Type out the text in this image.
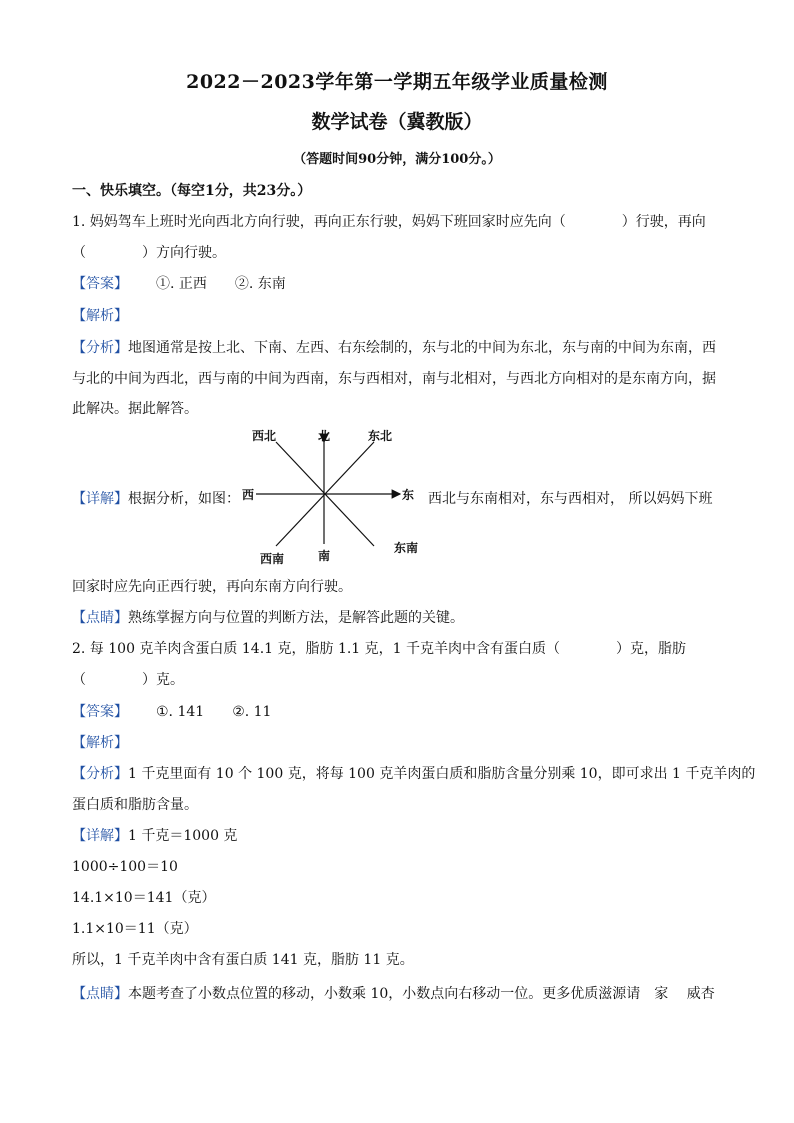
2022－2023学年第一学期五年级学业质量检测
数学试卷（冀教版）
（答题时间90分钟，满分100分。）
一、快乐填空。（每空1分，共23分。）
1. 妈妈驾车上班时光向西北方向行驶，再向正东行驶，妈妈下班回家时应先向（　　　　）行驶，再向
（　　　　）方向行驶。
【答案】 ①. 正西 ②. 东南
【解析】
【分析】地图通常是按上北、下南、左西、右东绘制的，东与北的中间为东北，东与南的中间为东南，西
与北的中间为西北，西与南的中间为西南，东与西相对，南与北相对，与西北方向相对的是东南方向，据
此解决。据此解答。
北
南
西	东
西北	东北
西南
东南
【详解】根据分析，如图：	西北与东南相对，东与西相对， 所以妈妈下班
回家时应先向正西行驶，再向东南方向行驶。
【点睛】熟练掌握方向与位置的判断方法，是解答此题的关键。
2. 每 100 克羊肉含蛋白质 14.1 克，脂肪 1.1 克，1 千克羊肉中含有蛋白质（　　　　）克，脂肪
（　　　　）克。
【答案】 ①. 141 ②. 11
【解析】
【分析】1 千克里面有 10 个 100 克，将每 100 克羊肉蛋白质和脂肪含量分别乘 10，即可求出 1 千克羊肉的
蛋白质和脂肪含量。
【详解】1 千克＝1000 克
1000÷100＝10
14.1×10＝141（克）
1.1×10＝11（克）
所以，1 千克羊肉中含有蛋白质 141 克，脂肪 11 克。
【点睛】本题考查了小数点位置的移动，小数乘 10，小数点向右移动一位。更多优质滋源请　家　 威杏
